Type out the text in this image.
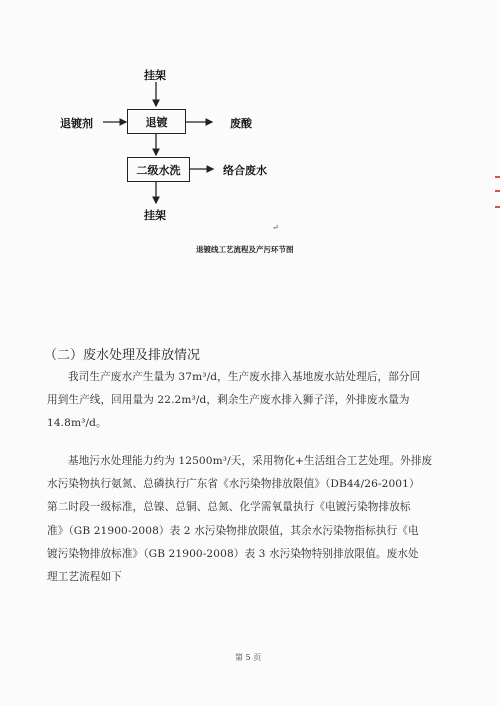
挂架
退镀剂	退镀	废酸
二级水洗	络合废水
挂架
↵
退镀线工艺流程及产污环节图
（二）废水处理及排放情况
我司生产废水产生量为 37m³/d，生产废水排入基地废水站处理后，部分回
用到生产线，回用量为 22.2m³/d，剩余生产废水排入狮子洋，外排废水量为
14.8m³/d。
基地污水处理能力约为 12500m³/天，采用物化+生活组合工艺处理。外排废
水污染物执行氨氮、总磷执行广东省《水污染物排放限值》（DB44/26-2001）
第二时段一级标准，总镍、总铜、总氮、化学需氧量执行《电镀污染物排放标
准》（GB 21900-2008）表 2 水污染物排放限值，其余水污染物指标执行《电
镀污染物排放标准》（GB 21900-2008）表 3 水污染物特别排放限值。废水处
理工艺流程如下
第 5 页
